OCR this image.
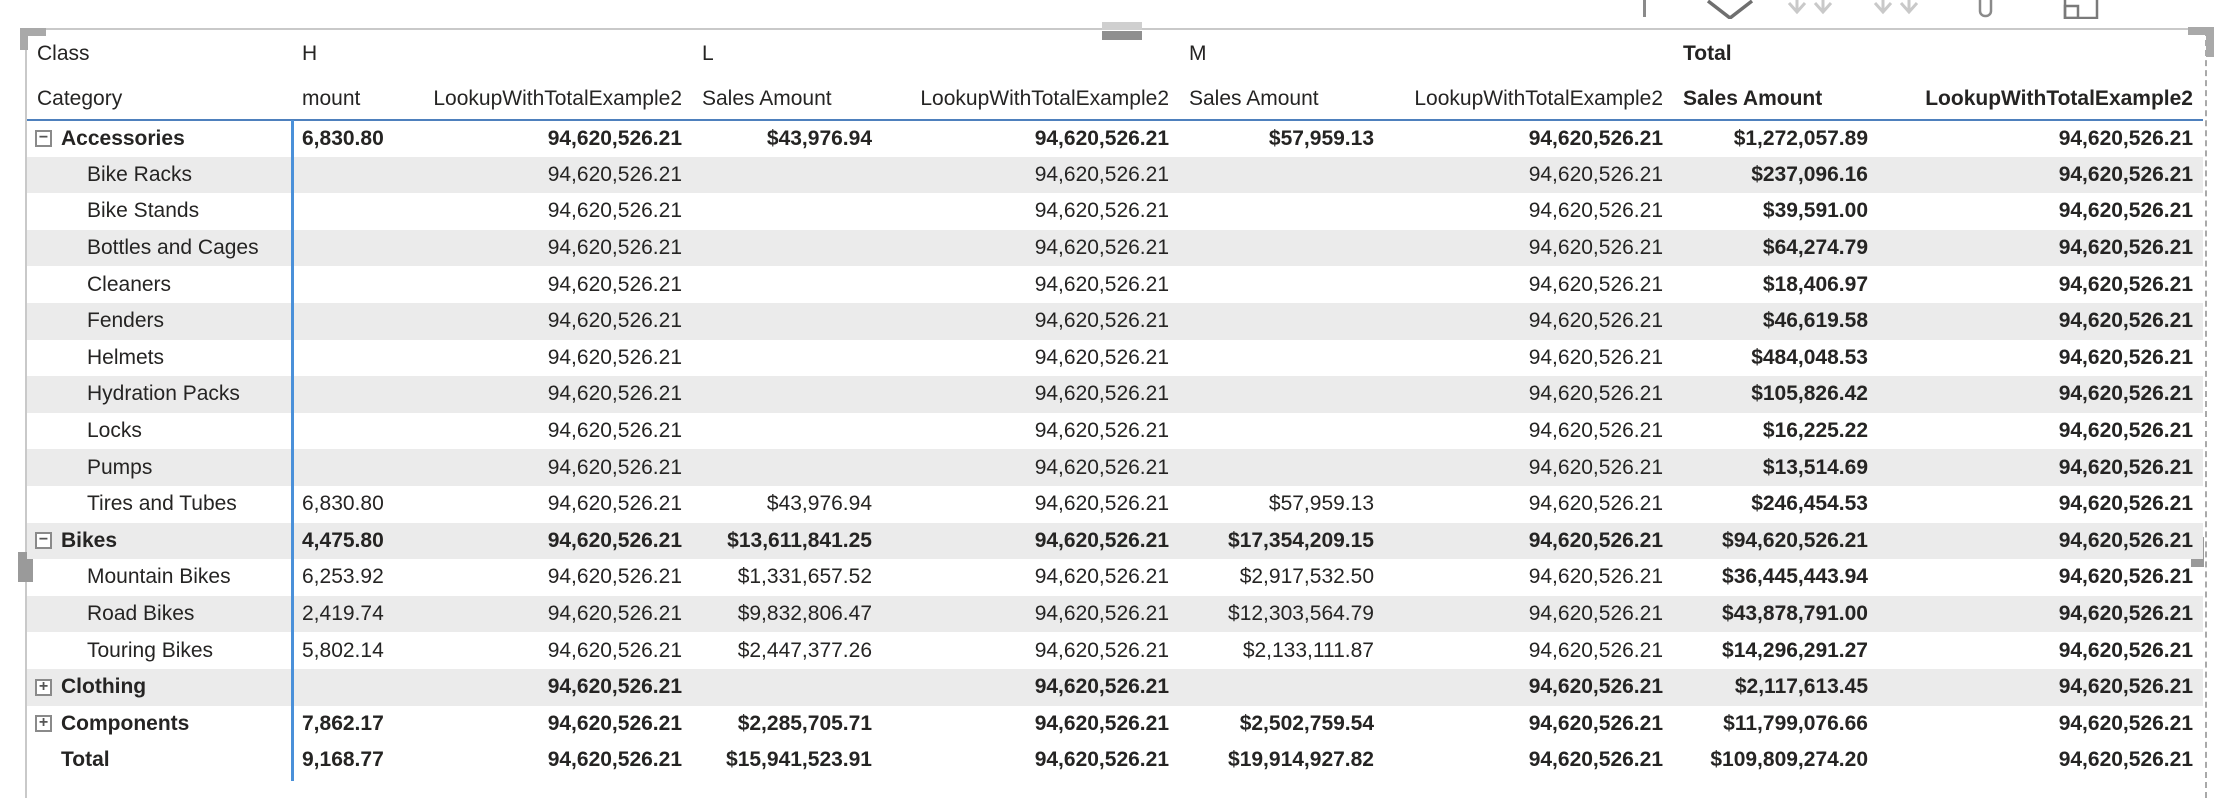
Class	H		L		M		Total	
Category	mount	LookupWithTotalExample2	Sales Amount	LookupWithTotalExample2	Sales Amount	LookupWithTotalExample2	Sales Amount	LookupWithTotalExample2

− Accessories	6,830.80	94,620,526.21	$43,976.94	94,620,526.21	$57,959.13	94,620,526.21	$1,272,057.89	94,620,526.21

Bike Racks		94,620,526.21		94,620,526.21		94,620,526.21	$237,096.16	94,620,526.21

Bike Stands		94,620,526.21		94,620,526.21		94,620,526.21	$39,591.00	94,620,526.21

Bottles and Cages		94,620,526.21		94,620,526.21		94,620,526.21	$64,274.79	94,620,526.21

Cleaners		94,620,526.21		94,620,526.21		94,620,526.21	$18,406.97	94,620,526.21

Fenders		94,620,526.21		94,620,526.21		94,620,526.21	$46,619.58	94,620,526.21

Helmets		94,620,526.21		94,620,526.21		94,620,526.21	$484,048.53	94,620,526.21

Hydration Packs		94,620,526.21		94,620,526.21		94,620,526.21	$105,826.42	94,620,526.21

Locks		94,620,526.21		94,620,526.21		94,620,526.21	$16,225.22	94,620,526.21

Pumps		94,620,526.21		94,620,526.21		94,620,526.21	$13,514.69	94,620,526.21

Tires and Tubes	6,830.80	94,620,526.21	$43,976.94	94,620,526.21	$57,959.13	94,620,526.21	$246,454.53	94,620,526.21

− Bikes	4,475.80	94,620,526.21	$13,611,841.25	94,620,526.21	$17,354,209.15	94,620,526.21	$94,620,526.21	94,620,526.21

Mountain Bikes	6,253.92	94,620,526.21	$1,331,657.52	94,620,526.21	$2,917,532.50	94,620,526.21	$36,445,443.94	94,620,526.21

Road Bikes	2,419.74	94,620,526.21	$9,832,806.47	94,620,526.21	$12,303,564.79	94,620,526.21	$43,878,791.00	94,620,526.21

Touring Bikes	5,802.14	94,620,526.21	$2,447,377.26	94,620,526.21	$2,133,111.87	94,620,526.21	$14,296,291.27	94,620,526.21

+ Clothing		94,620,526.21		94,620,526.21		94,620,526.21	$2,117,613.45	94,620,526.21

+ Components	7,862.17	94,620,526.21	$2,285,705.71	94,620,526.21	$2,502,759.54	94,620,526.21	$11,799,076.66	94,620,526.21

Total	9,168.77	94,620,526.21	$15,941,523.91	94,620,526.21	$19,914,927.82	94,620,526.21	$109,809,274.20	94,620,526.21
